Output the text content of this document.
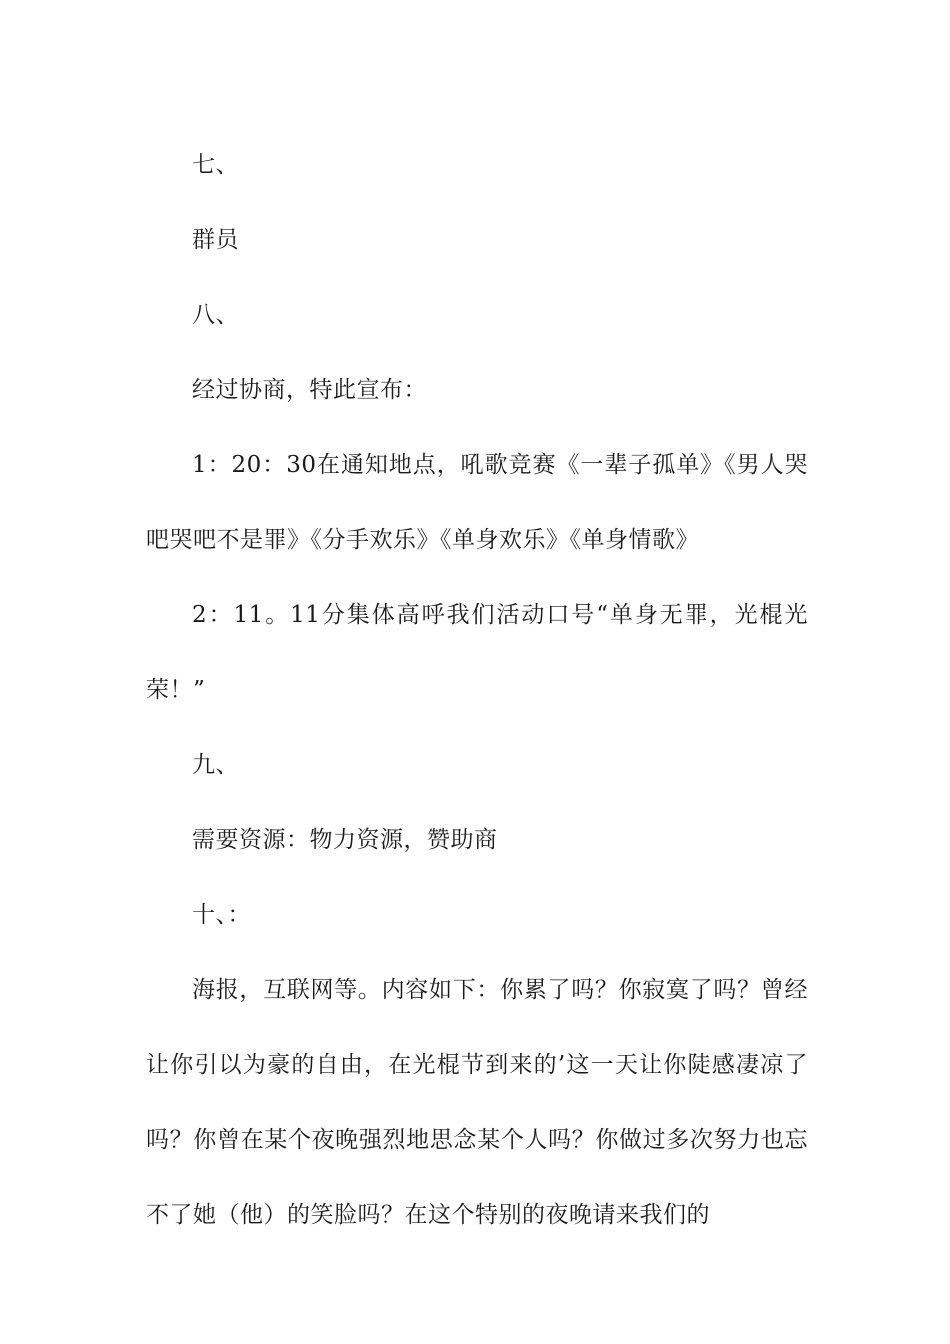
七、

群员

八、

经过协商，特此宣布：

1：20：30在通知地点，吼歌竞赛《一辈子孤单》《男人哭吧哭吧不是罪》《分手欢乐》《单身欢乐》《单身情歌》

2：11。11分集体高呼我们活动口号“单身无罪，光棍光荣！”

九、

需要资源：物力资源，赞助商

十、：

海报，互联网等。内容如下：你累了吗？你寂寞了吗？曾经让你引以为豪的自由，在光棍节到来的’这一天让你陡感凄凉了吗？你曾在某个夜晚强烈地思念某个人吗？你做过多次努力也忘不了她（他）的笑脸吗？在这个特别的夜晚请来我们的
